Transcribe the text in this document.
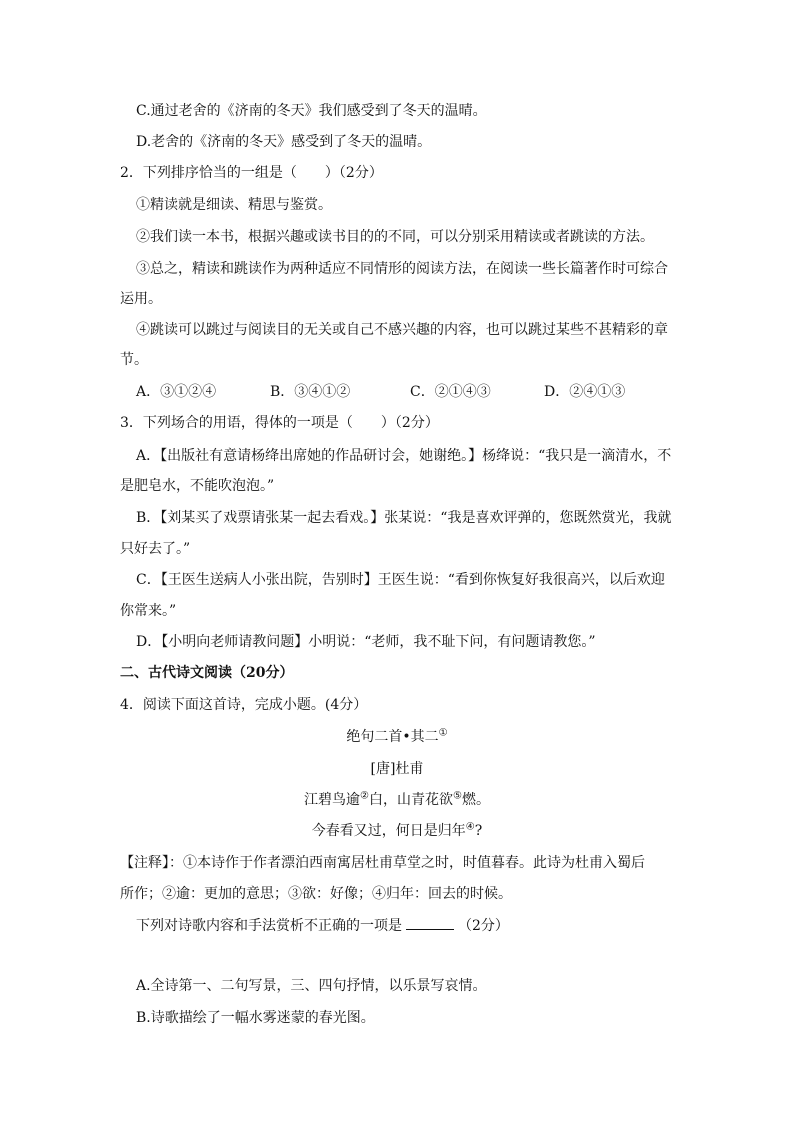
C.通过老舍的《济南的冬天》我们感受到了冬天的温晴。
D.老舍的《济南的冬天》感受到了冬天的温晴。
2．下列排序恰当的一组是（　　）（2分）
①精读就是细读、精思与鉴赏。
②我们读一本书，根据兴趣或读书目的的不同，可以分别采用精读或者跳读的方法。
③总之，精读和跳读作为两种适应不同情形的阅读方法，在阅读一些长篇著作时可综合
运用。
④跳读可以跳过与阅读目的无关或自己不感兴趣的内容，也可以跳过某些不甚精彩的章
节。
A．③①②④	B．③④①②	C．②①④③	D．②④①③
3．下列场合的用语，得体的一项是（　　）（2分）
A．【出版社有意请杨绛出席她的作品研讨会，她谢绝。】杨绛说：“我只是一滴清水，不
是肥皂水，不能吹泡泡。”
B．【刘某买了戏票请张某一起去看戏。】张某说：“我是喜欢评弹的，您既然赏光，我就
只好去了。”
C．【王医生送病人小张出院，告别时】王医生说：“看到你恢复好我很高兴，以后欢迎
你常来。”
D．【小明向老师请教问题】小明说：“老师，我不耻下问，有问题请教您。”
二、古代诗文阅读（20分）
4．阅读下面这首诗，完成小题。(4分）
绝句二首•其二①
[唐]杜甫
江碧鸟逾②白，山青花欲⑤燃。
今春看又过，何日是归年④?
【注释】：①本诗作于作者漂泊西南寓居杜甫草堂之时，时值暮春。此诗为杜甫入蜀后
所作；②逾：更加的意思；③欲：好像；④归年：回去的时候。
下列对诗歌内容和手法赏析不正确的一项是	（2分）
A.全诗第一、二句写景，三、四句抒情，以乐景写哀情。
B.诗歌描绘了一幅水雾迷蒙的春光图。
